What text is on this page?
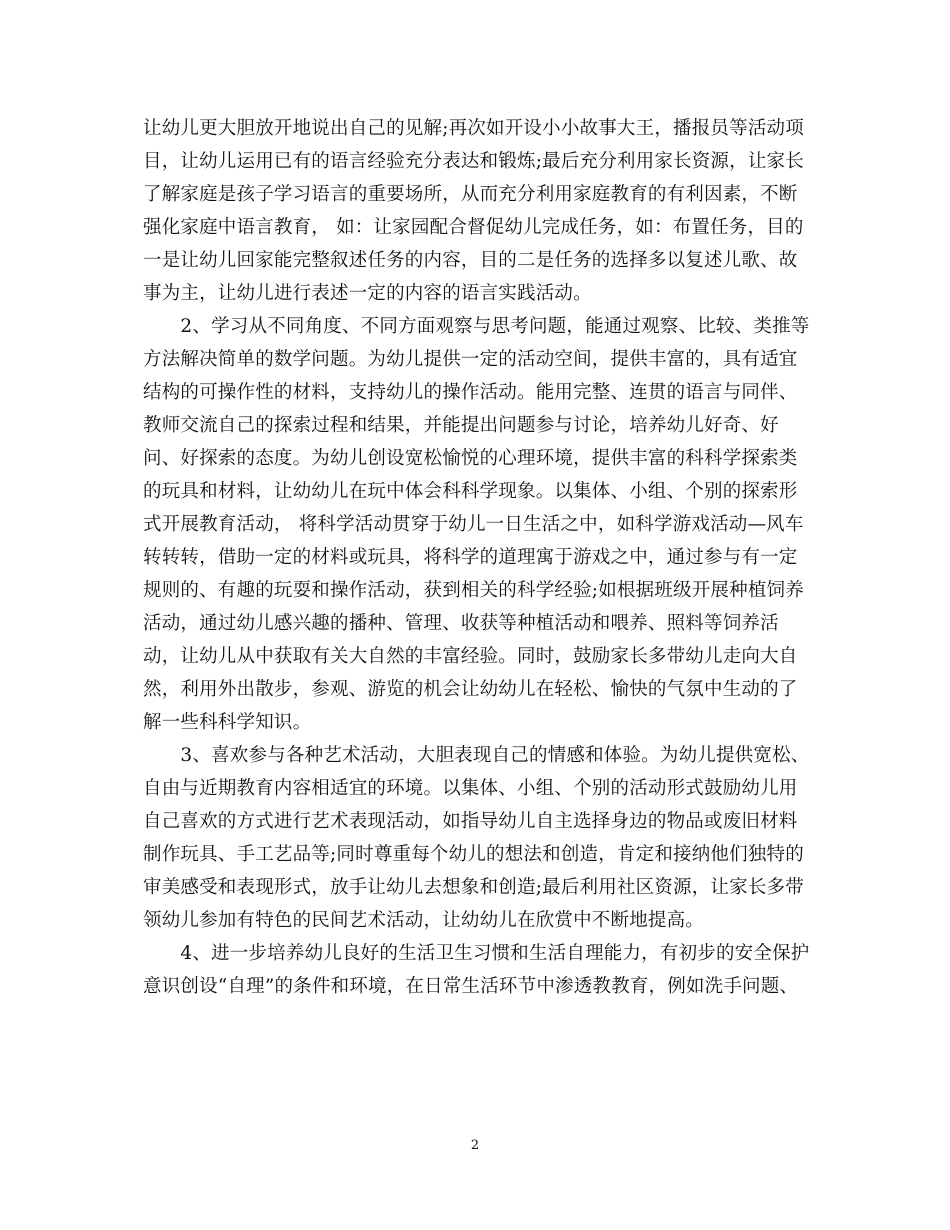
让幼儿更大胆放开地说出自己的见解;再次如开设小小故事大王，播报员等活动项
目，让幼儿运用已有的语言经验充分表达和锻炼;最后充分利用家长资源，让家长
了解家庭是孩子学习语言的重要场所，从而充分利用家庭教育的有利因素，不断
强化家庭中语言教育， 如：让家园配合督促幼儿完成任务，如：布置任务，目的
一是让幼儿回家能完整叙述任务的内容，目的二是任务的选择多以复述儿歌、故
事为主，让幼儿进行表述一定的内容的语言实践活动。
　　2、学习从不同角度、不同方面观察与思考问题，能通过观察、比较、类推等
方法解决简单的数学问题。为幼儿提供一定的活动空间，提供丰富的，具有适宜
结构的可操作性的材料，支持幼儿的操作活动。能用完整、连贯的语言与同伴、
教师交流自己的探索过程和结果，并能提出问题参与讨论，培养幼儿好奇、好
问、好探索的态度。为幼儿创设宽松愉悦的心理环境，提供丰富的科科学探索类
的玩具和材料，让幼幼儿在玩中体会科科学现象。以集体、小组、个别的探索形
式开展教育活动， 将科学活动贯穿于幼儿一日生活之中，如科学游戏活动—风车
转转转，借助一定的材料或玩具，将科学的道理寓于游戏之中，通过参与有一定
规则的、有趣的玩耍和操作活动，获到相关的科学经验;如根据班级开展种植饲养
活动，通过幼儿感兴趣的播种、管理、收获等种植活动和喂养、照料等饲养活
动，让幼儿从中获取有关大自然的丰富经验。同时，鼓励家长多带幼儿走向大自
然，利用外出散步，参观、游览的机会让幼幼儿在轻松、愉快的气氛中生动的了
解一些科科学知识。
　　3、喜欢参与各种艺术活动，大胆表现自己的情感和体验。为幼儿提供宽松、
自由与近期教育内容相适宜的环境。以集体、小组、个别的活动形式鼓励幼儿用
自己喜欢的方式进行艺术表现活动，如指导幼儿自主选择身边的物品或废旧材料
制作玩具、手工艺品等;同时尊重每个幼儿的想法和创造，肯定和接纳他们独特的
审美感受和表现形式，放手让幼儿去想象和创造;最后利用社区资源，让家长多带
领幼儿参加有特色的民间艺术活动，让幼幼儿在欣赏中不断地提高。
　　4、进一步培养幼儿良好的生活卫生习惯和生活自理能力，有初步的安全保护
意识创设“自理”的条件和环境，在日常生活环节中渗透教教育，例如洗手问题、
2
